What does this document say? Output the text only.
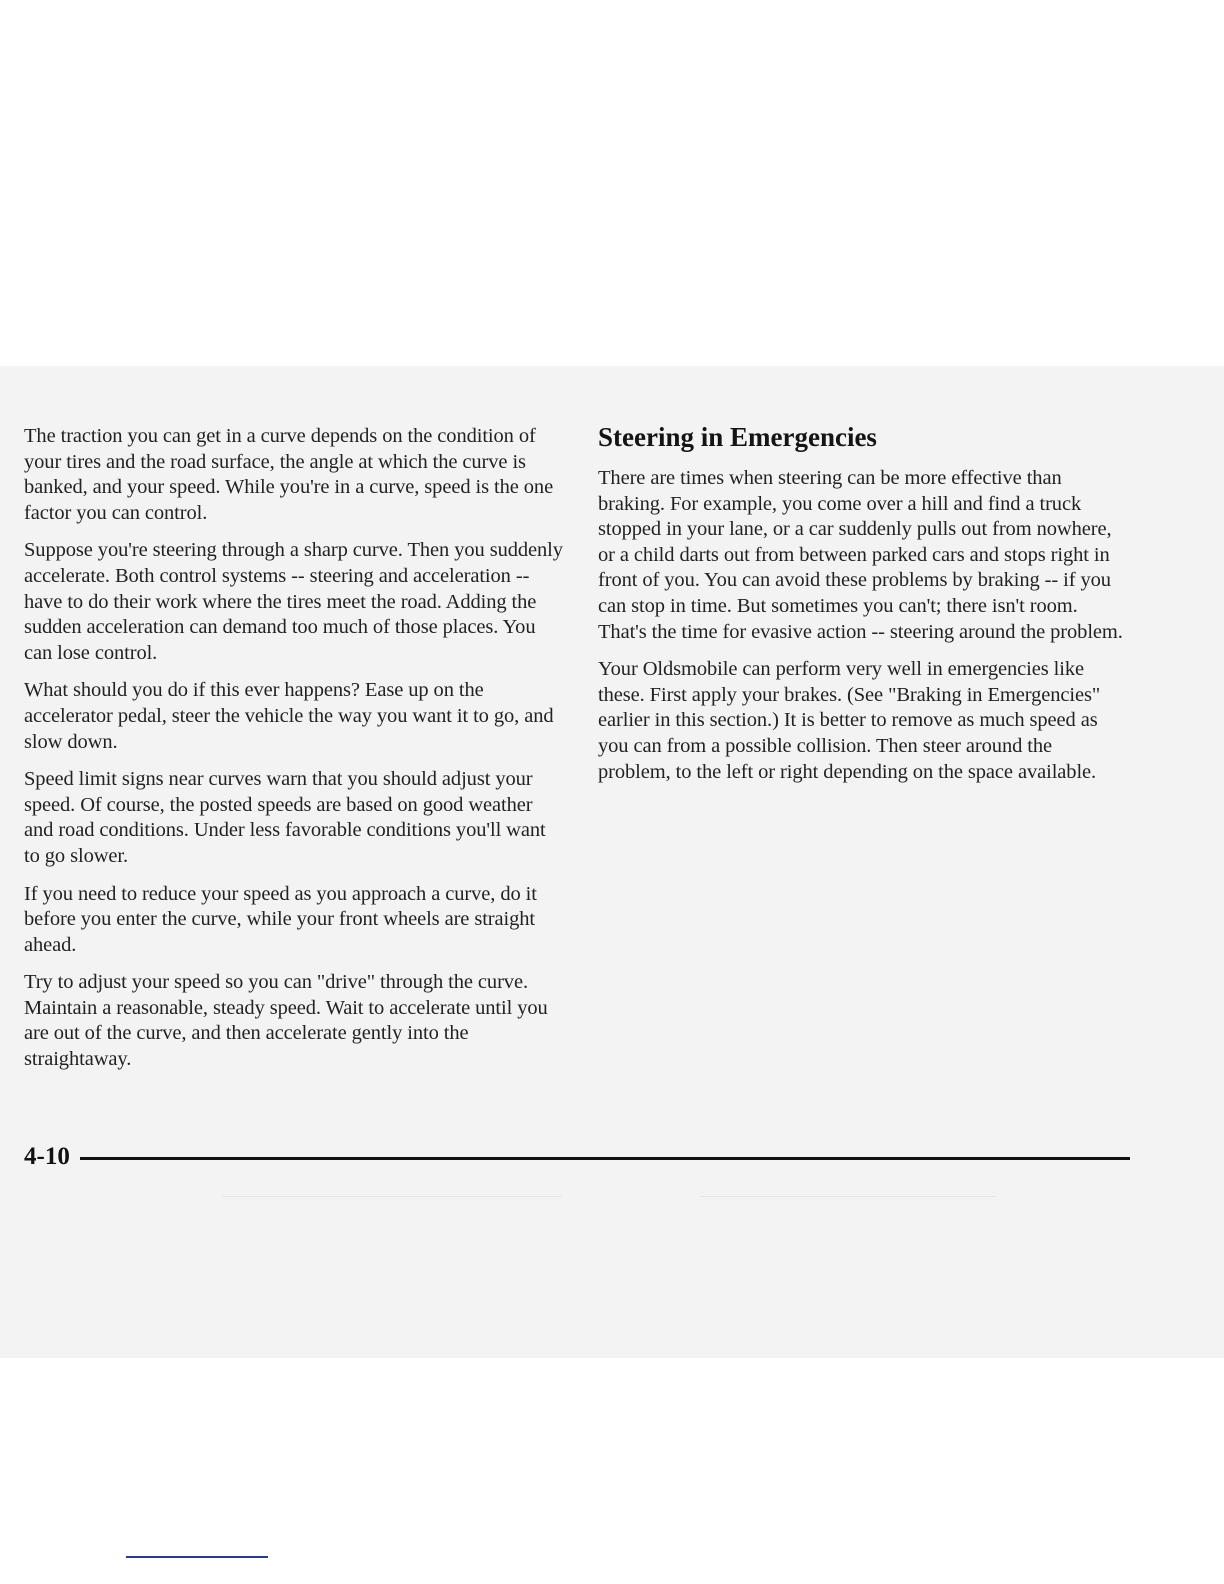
The traction you can get in a curve depends on the condition of your tires and the road surface, the angle at which the curve is banked, and your speed. While you're in a curve, speed is the one factor you can control.

Suppose you're steering through a sharp curve. Then you suddenly accelerate. Both control systems -- steering and acceleration -- have to do their work where the tires meet the road. Adding the sudden acceleration can demand too much of those places. You can lose control.

What should you do if this ever happens? Ease up on the accelerator pedal, steer the vehicle the way you want it to go, and slow down.

Speed limit signs near curves warn that you should adjust your speed. Of course, the posted speeds are based on good weather and road conditions. Under less favorable conditions you'll want to go slower.

If you need to reduce your speed as you approach a curve, do it before you enter the curve, while your front wheels are straight ahead.

Try to adjust your speed so you can "drive" through the curve. Maintain a reasonable, steady speed. Wait to accelerate until you are out of the curve, and then accelerate gently into the straightaway.

Steering in Emergencies

There are times when steering can be more effective than braking. For example, you come over a hill and find a truck stopped in your lane, or a car suddenly pulls out from nowhere, or a child darts out from between parked cars and stops right in front of you. You can avoid these problems by braking -- if you can stop in time. But sometimes you can't; there isn't room. That's the time for evasive action -- steering around the problem.

Your Oldsmobile can perform very well in emergencies like these. First apply your brakes. (See "Braking in Emergencies" earlier in this section.) It is better to remove as much speed as you can from a possible collision. Then steer around the problem, to the left or right depending on the space available.

4-10
